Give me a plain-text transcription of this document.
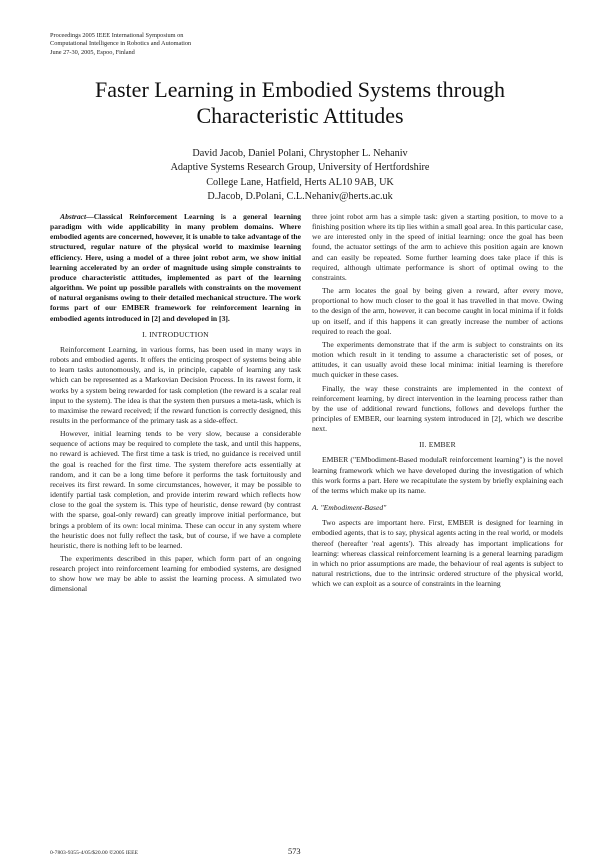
Proceedings 2005 IEEE International Symposium on
Computational Intelligence in Robotics and Automation
June 27-30, 2005, Espoo, Finland
Faster Learning in Embodied Systems through
Characteristic Attitudes
David Jacob, Daniel Polani, Chrystopher L. Nehaniv
Adaptive Systems Research Group, University of Hertfordshire
College Lane, Hatfield, Herts AL10 9AB, UK
D.Jacob, D.Polani, C.L.Nehaniv@herts.ac.uk

Abstract—Classical Reinforcement Learning is a general learning paradigm with wide applicability in many problem domains. Where embodied agents are concerned, however, it is unable to take advantage of the structured, regular nature of the physical world to maximise learning efficiency. Here, using a model of a three joint robot arm, we show initial learning accelerated by an order of magnitude using simple constraints to produce characteristic attitudes, implemented as part of the learning algorithm. We point up possible parallels with constraints on the movement of natural organisms owing to their detailed mechanical structure. The work forms part of our EMBER framework for reinforcement learning in embodied agents introduced in [2] and developed in [3].

I. INTRODUCTION

Reinforcement Learning, in various forms, has been used in many ways in robots and embodied agents. It offers the enticing prospect of systems being able to learn tasks autonomously, and is, in principle, capable of learning any task which can be represented as a Markovian Decision Process. In its rawest form, it works by a system being rewarded for task completion (the reward is a scalar real input to the system). The idea is that the system then pursues a meta-task, which is to maximise the reward received; if the reward function is correctly designed, this results in the performance of the primary task as a side-effect.

However, initial learning tends to be very slow, because a considerable sequence of actions may be required to complete the task, and until this happens, no reward is achieved. The first time a task is tried, no guidance is received until the goal is reached for the first time. The system therefore acts essentially at random, and it can be a long time before it performs the task fortuitously and receives its first reward. In some circumstances, however, it may be possible to identify partial task completion, and provide interim reward which reflects how close to the goal the system is. This type of heuristic, dense reward (by contrast with the sparse, goal-only reward) can greatly improve initial performance, but brings a problem of its own: local minima. These can occur in any system where the heuristic does not fully reflect the task, but of course, if we have a complete heuristic, there is nothing left to be learned.

The experiments described in this paper, which form part of an ongoing research project into reinforcement learning for embodied systems, are designed to show how we may be able to assist the learning process. A simulated two dimensional

three joint robot arm has a simple task: given a starting position, to move to a finishing position where its tip lies within a small goal area. In this particular case, we are interested only in the speed of initial learning: once the goal has been found, the actuator settings of the arm to achieve this position again are known and can easily be repeated. Some further learning does take place if this is required, although ultimate performance is short of optimal owing to the constraints.

The arm locates the goal by being given a reward, after every move, proportional to how much closer to the goal it has travelled in that move. Owing to the design of the arm, however, it can become caught in local minima if it folds up on itself, and if this happens it can greatly increase the number of actions required to reach the goal.

The experiments demonstrate that if the arm is subject to constraints on its motion which result in it tending to assume a characteristic set of poses, or attitudes, it can usually avoid these local minima: initial learning is therefore much quicker in these cases.

Finally, the way these constraints are implemented in the context of reinforcement learning, by direct intervention in the learning process rather than by the use of additional reward functions, follows and develops further the principles of EMBER, our learning system introduced in [2], which we describe next.

II. EMBER

EMBER ("EMbodiment-Based modulaR reinforcement learning") is the novel learning framework which we have developed during the investigation of which this work forms a part. Here we recapitulate the system by briefly explaining each of the terms which make up its name.

A. "Embodiment-Based"

Two aspects are important here. First, EMBER is designed for learning in embodied agents, that is to say, physical agents acting in the real world, or models thereof (hereafter 'real agents'). This already has important implications for learning: whereas classical reinforcement learning is a general learning paradigm in which no prior assumptions are made, the behaviour of real agents is subject to natural restrictions, due to the intrinsic ordered structure of the physical world, which we can exploit as a source of constraints in the learning

0-7803-9355-4/05/$20.00 ©2005 IEEE	573
